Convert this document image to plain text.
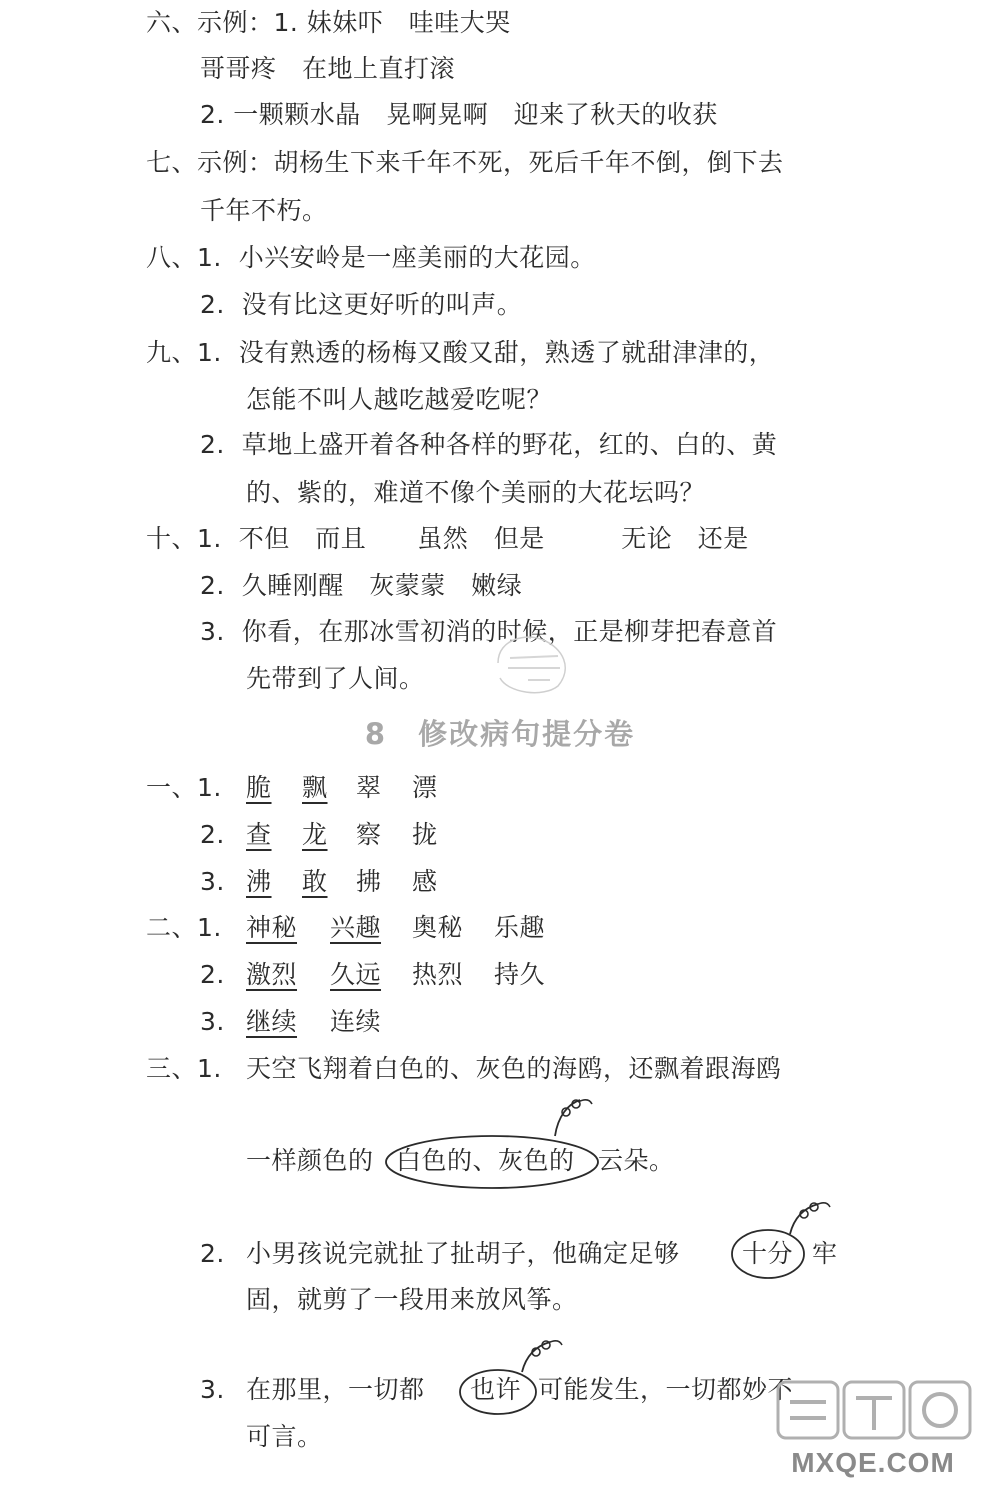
六、示例：1. 妹妹吓　哇哇大哭
哥哥疼　在地上直打滚
2. 一颗颗水晶　晃啊晃啊　迎来了秋天的收获
七、示例：胡杨生下来千年不死，死后千年不倒，倒下去
千年不朽。
八、1.  小兴安岭是一座美丽的大花园。
2.  没有比这更好听的叫声。
九、1.  没有熟透的杨梅又酸又甜，熟透了就甜津津的，
怎能不叫人越吃越爱吃呢？
2.  草地上盛开着各种各样的野花，红的、白的、黄
的、紫的，难道不像个美丽的大花坛吗？
十、1.  不但　而且　　虽然　但是　　　无论　还是
2.  久睡刚醒　灰蒙蒙　嫩绿
3.  你看，在那冰雪初消的时候，正是柳芽把春意首
先带到了人间。
8　修改病句提分卷
一、1. 脆 飘 翠 漂
2. 查 龙 察 拢
3. 沸 敢 拂 感
二、1. 神秘 兴趣 奥秘 乐趣
2. 激烈 久远 热烈 持久
3. 继续 连续
三、1. 天空飞翔着白色的、灰色的海鸥，还飘着跟海鸥
一样颜色的 白色的、灰色的 云朵。
2. 小男孩说完就扯了扯胡子，他确定足够 十分 牢
固，就剪了一段用来放风筝。
3. 在那里，一切都 也许 可能发生，一切都妙不
可言。
MXQE.COM
